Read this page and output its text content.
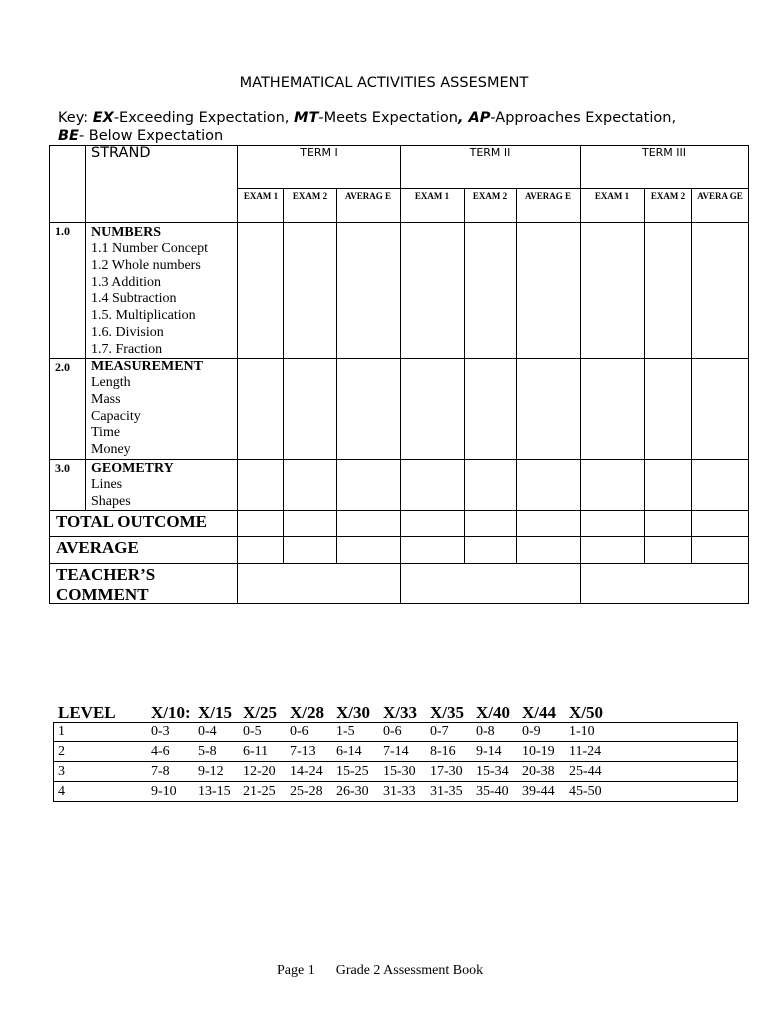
MATHEMATICAL ACTIVITIES ASSESMENT
Key: EX-Exceeding Expectation, MT-Meets Expectation, AP-Approaches Expectation,
BE- Below Expectation
STRAND	TERM I	TERM II	TERM III
EXAM 1	EXAM 2	AVERAG E	EXAM 1	EXAM 2	AVERAG E	EXAM 1	EXAM 2	AVERA GE
1.0 NUMBERS
1.1 Number Concept
1.2 Whole numbers
1.3 Addition
1.4 Subtraction
1.5. Multiplication
1.6. Division
1.7. Fraction
2.0 MEASUREMENT
Length
Mass
Capacity
Time
Money
3.0 GEOMETRY
Lines
Shapes
TOTAL OUTCOME
AVERAGE
TEACHER’S COMMENT
LEVEL X/10: X/15 X/25 X/28 X/30 X/33 X/35 X/40 X/44 X/50
1	0-3 0-4 0-5 0-6 1-5 0-6 0-7 0-8 0-9 1-10
2	4-6 5-8 6-11 7-13 6-14 7-14 8-16 9-14 10-19 11-24
3	7-8 9-12 12-20 14-24 15-25 15-30 17-30 15-34 20-38 25-44
4	9-10 13-15 21-25 25-28 26-30 31-33 31-35 35-40 39-44 45-50
Page 1 Grade 2 Assessment Book
